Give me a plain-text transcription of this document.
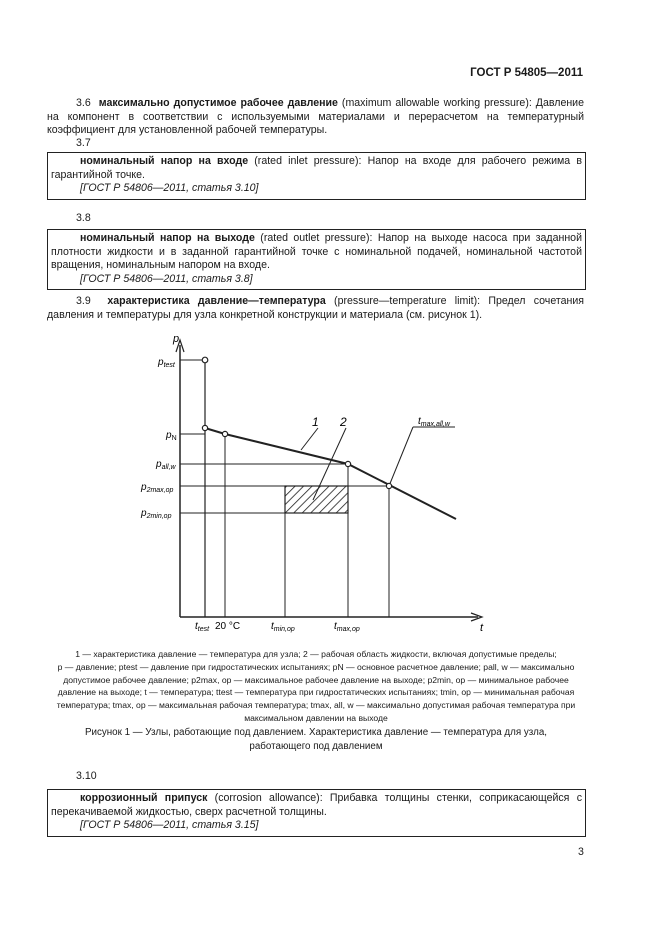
ГОСТ Р 54805—2011
3.6 максимально допустимое рабочее давление (maximum allowable working pressure): Давление на компонент в соответствии с используемыми материалами и перерасчетом на температурный коэффициент для установленной рабочей температуры.
3.7
номинальный напор на входе (rated inlet pressure): Напор на входе для рабочего режима в гарантийной точке.
[ГОСТ Р 54806—2011, статья 3.10]
3.8
номинальный напор на выходе (rated outlet pressure): Напор на выходе насоса при заданной плотности жидкости и в заданной гарантийной точке с номинальной подачей, номинальной частотой вращения, номинальным напором на входе.
[ГОСТ Р 54806—2011, статья 3.8]
3.9 характеристика давление—температура (pressure—temperature limit): Предел сочетания давления и температуры для узла конкретной конструкции и материала (см. рисунок 1).
p
t
1 2
$p_{test}$
$p_N$
$p_{all,w}$
$p_{2max,op}$
$p_{2min,op}$
$t_{test}$ 20 °C	$t_{min,op}$	$t_{max,op}$
$t_{max,all,w}$
1 — характеристика давление — температура для узла; 2 — рабочая область жидкости, включая допустимые пределы;
p — давление; ptest — давление при гидростатических испытаниях; pN — основное расчетное давление; pall, w — максимально
допустимое рабочее давление; p2max, op — максимальное рабочее давление на выходе; p2min, op — минимальное рабочее
давление на выходе; t — температура; ttest — температура при гидростатических испытаниях; tmin, op — минимальная рабочая
температура; tmax, op — максимальная рабочая температура; tmax, all, w — максимально допустимая рабочая температура при
максимальном давлении на выходе
Рисунок 1 — Узлы, работающие под давлением. Характеристика давление — температура для узла,
работающего под давлением
3.10
коррозионный припуск (corrosion allowance): Прибавка толщины стенки, соприкасающейся с перекачиваемой жидкостью, сверх расчетной толщины.
[ГОСТ Р 54806—2011, статья 3.15]
3
